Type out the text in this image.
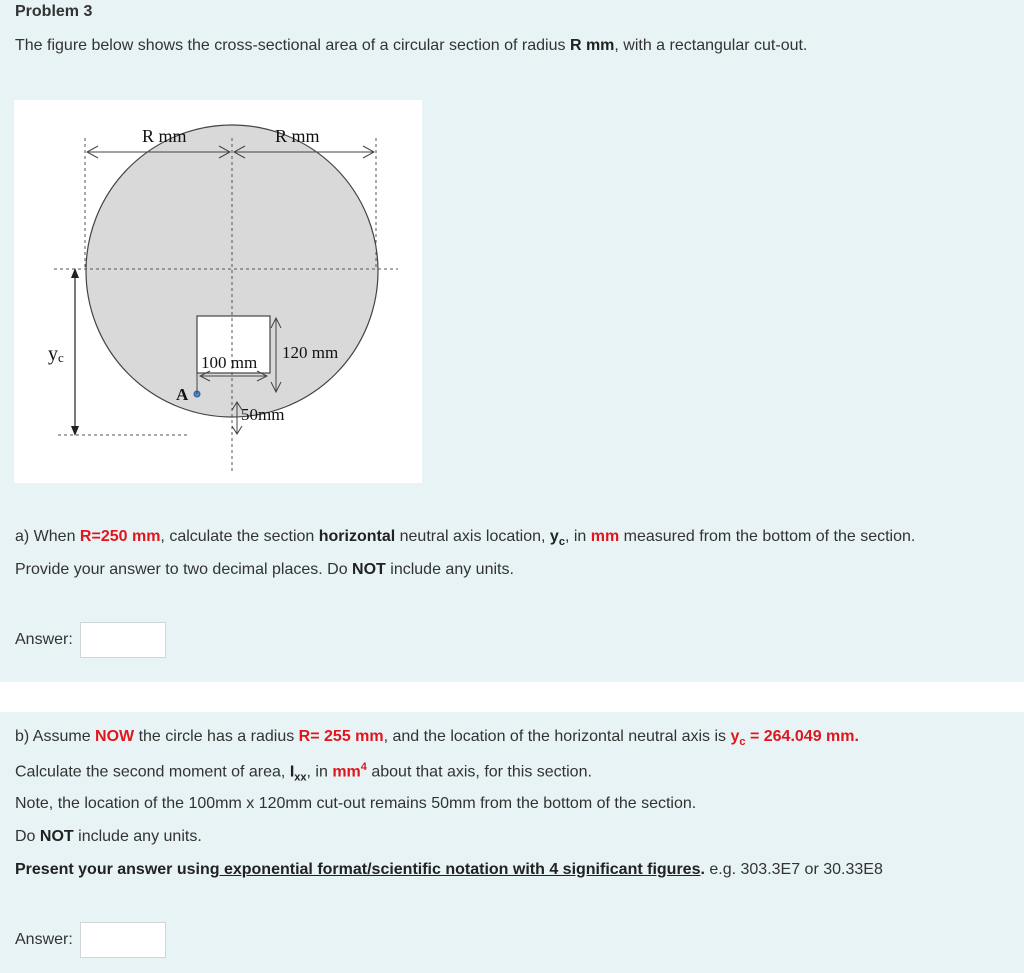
Problem 3
The figure below shows the cross-sectional area of a circular section of radius R mm, with a rectangular cut-out.
R mm	R mm
yc	100 mm
120 mm
50mm
A
a) When R=250 mm, calculate the section horizontal neutral axis location, $y_c$, in mm measured from the bottom of the section.
Provide your answer to two decimal places. Do NOT include any units.
Answer:
b) Assume NOW the circle has a radius R= 255 mm, and the location of the horizontal neutral axis is $y_c = 264.049$ mm.
Calculate the second moment of area, $I_{xx}$, in $mm^4$ about that axis, for this section.
Note, the location of the 100mm x 120mm cut-out remains 50mm from the bottom of the section.
Do NOT include any units.
Present your answer using exponential format/scientific notation with 4 significant figures. e.g. 303.3E7 or 30.33E8
Answer:
